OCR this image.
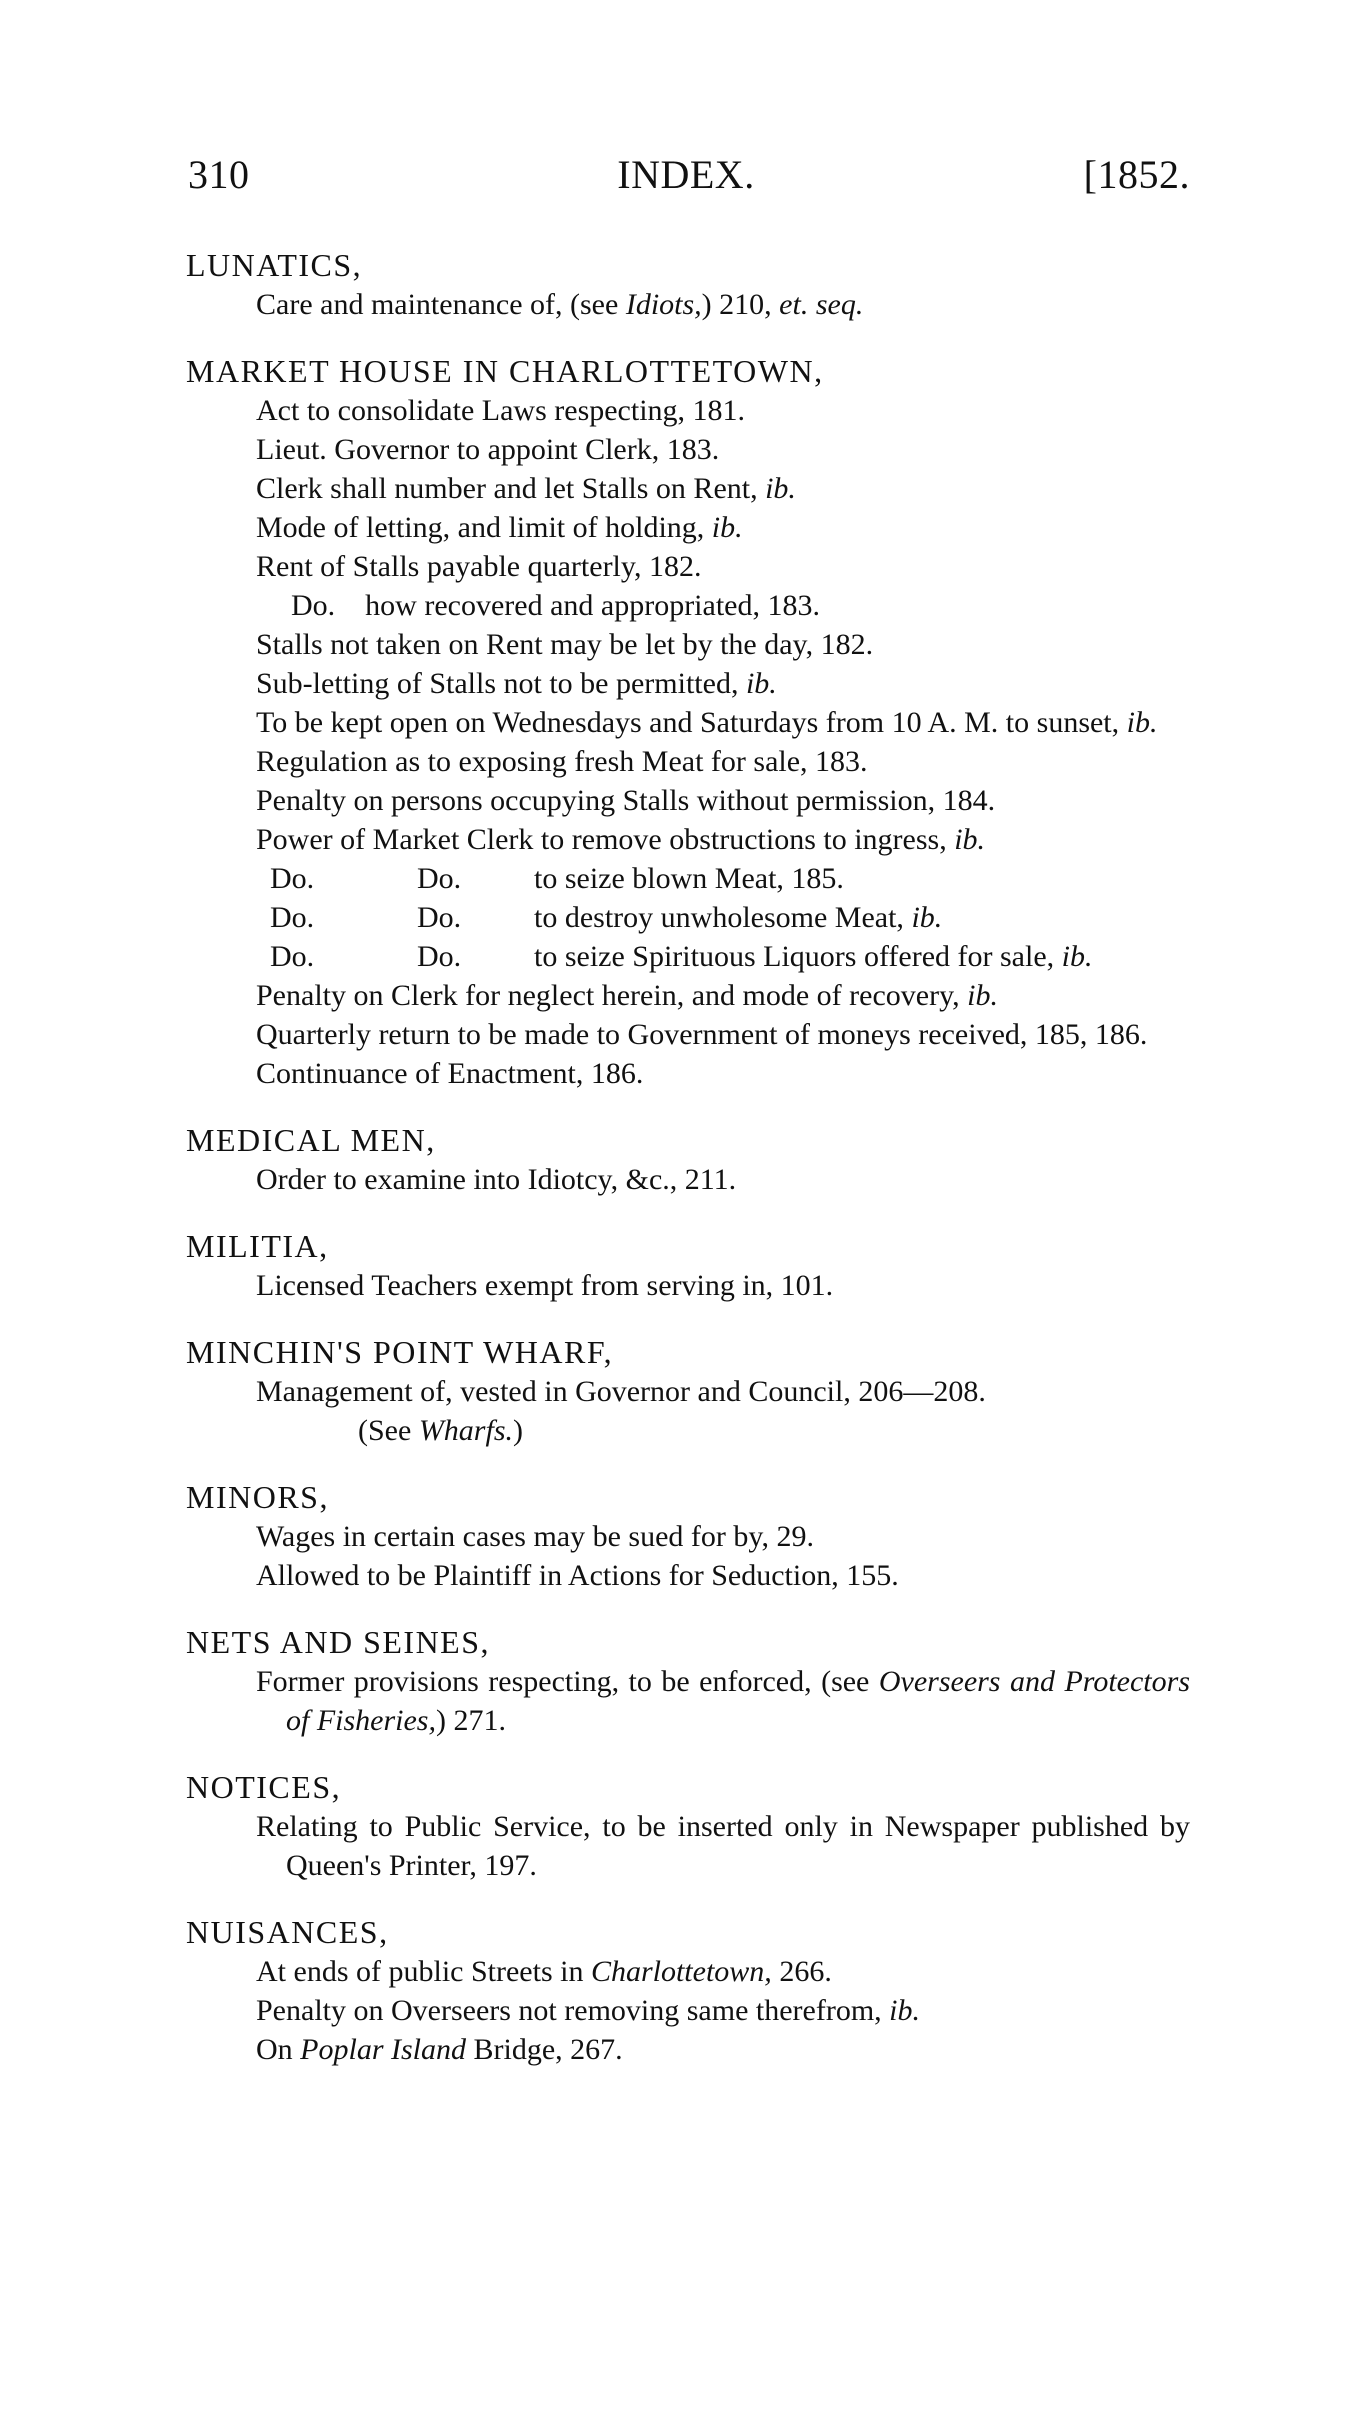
310	INDEX.	[1852.
LUNATICS,
Care and maintenance of, (see Idiots,) 210, et. seq.
MARKET HOUSE IN CHARLOTTETOWN,
Act to consolidate Laws respecting, 181.
Lieut. Governor to appoint Clerk, 183.
Clerk shall number and let Stalls on Rent, ib.
Mode of letting, and limit of holding, ib.
Rent of Stalls payable quarterly, 182.
Do.    how recovered and appropriated, 183.
Stalls not taken on Rent may be let by the day, 182.
Sub-letting of Stalls not to be permitted, ib.
To be kept open on Wednesdays and Saturdays from 10 A. M. to sunset, ib.
Regulation as to exposing fresh Meat for sale, 183.
Penalty on persons occupying Stalls without permission, 184.
Power of Market Clerk to remove obstructions to ingress, ib.
Do.	Do.	to seize blown Meat, 185.
Do.	Do.	to destroy unwholesome Meat, ib.
Do.	Do.	to seize Spirituous Liquors offered for sale, ib.
Penalty on Clerk for neglect herein, and mode of recovery, ib.
Quarterly return to be made to Government of moneys received, 185, 186.
Continuance of Enactment, 186.
MEDICAL MEN,
Order to examine into Idiotcy, &c., 211.
MILITIA,
Licensed Teachers exempt from serving in, 101.
MINCHIN'S POINT WHARF,
Management of, vested in Governor and Council, 206—208.
(See Wharfs.)
MINORS,
Wages in certain cases may be sued for by, 29.
Allowed to be Plaintiff in Actions for Seduction, 155.
NETS AND SEINES,
Former provisions respecting, to be enforced, (see Overseers and Protectors of Fisheries,) 271.
NOTICES,
Relating to Public Service, to be inserted only in Newspaper published by Queen's Printer, 197.
NUISANCES,
At ends of public Streets in Charlottetown, 266.
Penalty on Overseers not removing same therefrom, ib.
On Poplar Island Bridge, 267.
